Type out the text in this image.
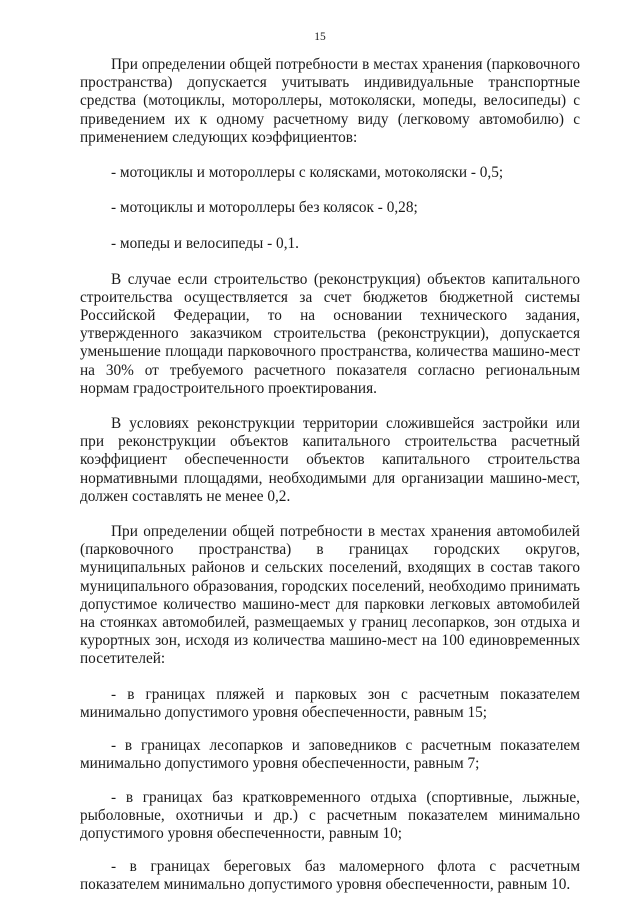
15

При определении общей потребности в местах хранения (парковочного пространства) допускается учитывать индивидуальные транспортные средства (мотоциклы, мотороллеры, мотоколяски, мопеды, велосипеды) с приведением их к одному расчетному виду (легковому автомобилю) с применением следующих коэффициентов:

- мотоциклы и мотороллеры с колясками, мотоколяски - 0,5;

- мотоциклы и мотороллеры без колясок - 0,28;

- мопеды и велосипеды - 0,1.

В случае если строительство (реконструкция) объектов капитального строительства осуществляется за счет бюджетов бюджетной системы Российской Федерации, то на основании технического задания, утвержденного заказчиком строительства (реконструкции), допускается уменьшение площади парковочного пространства, количества машино-мест на 30% от требуемого расчетного показателя согласно региональным нормам градостроительного проектирования.

В условиях реконструкции территории сложившейся застройки или при реконструкции объектов капитального строительства расчетный коэффициент обеспеченности объектов капитального строительства нормативными площадями, необходимыми для организации машино-мест, должен составлять не менее 0,2.

При определении общей потребности в местах хранения автомобилей (парковочного пространства) в границах городских округов, муниципальных районов и сельских поселений, входящих в состав такого муниципального образования, городских поселений, необходимо принимать допустимое количество машино-мест для парковки легковых автомобилей на стоянках автомобилей, размещаемых у границ лесопарков, зон отдыха и курортных зон, исходя из количества машино-мест на 100 единовременных посетителей:

- в границах пляжей и парковых зон с расчетным показателем минимально допустимого уровня обеспеченности, равным 15;

- в границах лесопарков и заповедников с расчетным показателем минимально допустимого уровня обеспеченности, равным 7;

- в границах баз кратковременного отдыха (спортивные, лыжные, рыболовные, охотничьи и др.) с расчетным показателем минимально допустимого уровня обеспеченности, равным 10;

- в границах береговых баз маломерного флота с расчетным показателем минимально допустимого уровня обеспеченности, равным 10.
